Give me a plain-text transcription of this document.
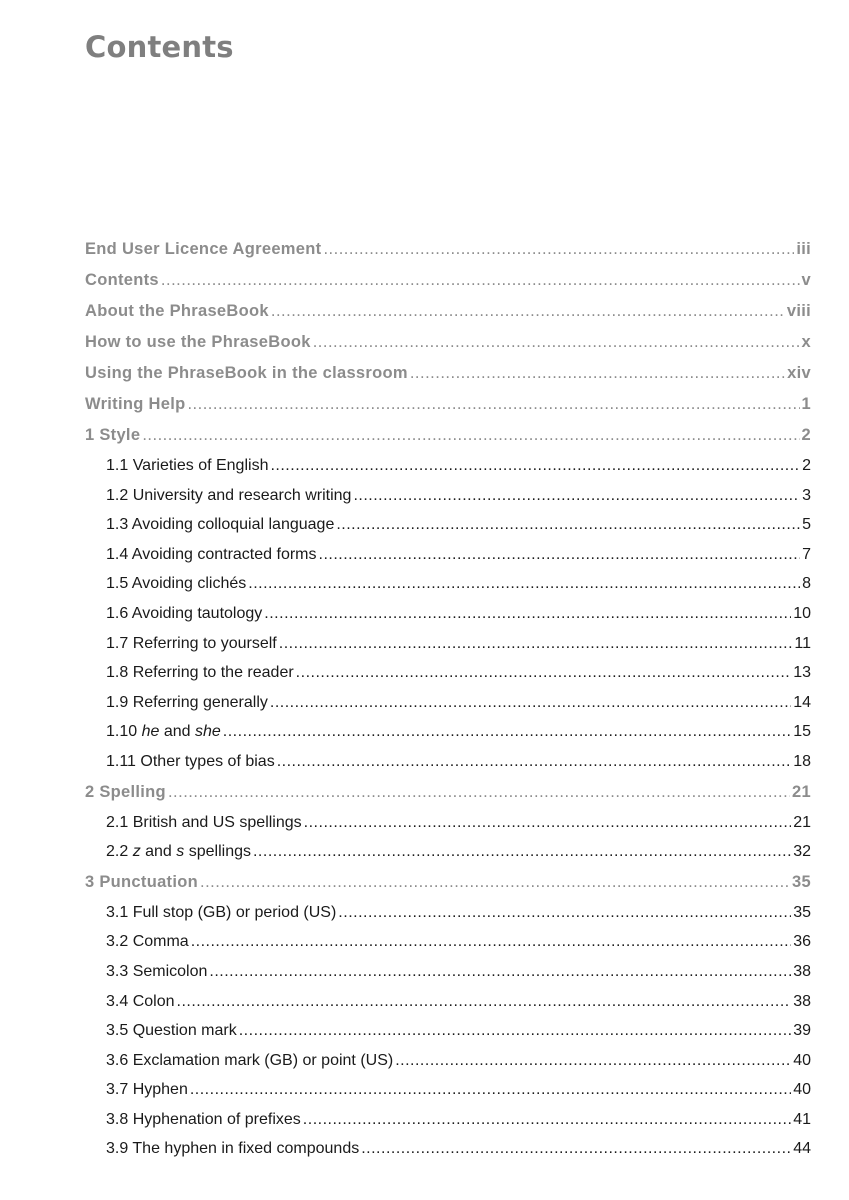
Contents
End User Licence Agreement .....	iii
Contents .....	v
About the PhraseBook .....	viii
How to use the PhraseBook .....	x
Using the PhraseBook in the classroom .....	xiv
Writing Help .....	1
1 Style .....	2
1.1 Varieties of English .....	2
1.2 University and research writing .....	3
1.3 Avoiding colloquial language .....	5
1.4 Avoiding contracted forms .....	7
1.5 Avoiding clichés .....	8
1.6 Avoiding tautology .....	10
1.7 Referring to yourself .....	11
1.8 Referring to the reader .....	13
1.9 Referring generally .....	14
1.10 he and she .....	15
1.11 Other types of bias .....	18
2 Spelling .....	21
2.1 British and US spellings .....	21
2.2 z and s spellings .....	32
3 Punctuation .....	35
3.1 Full stop (GB) or period (US) .....	35
3.2 Comma .....	36
3.3 Semicolon .....	38
3.4 Colon .....	38
3.5 Question mark .....	39
3.6 Exclamation mark (GB) or point (US) .....	40
3.7 Hyphen .....	40
3.8 Hyphenation of prefixes .....	41
3.9 The hyphen in fixed compounds .....	44
